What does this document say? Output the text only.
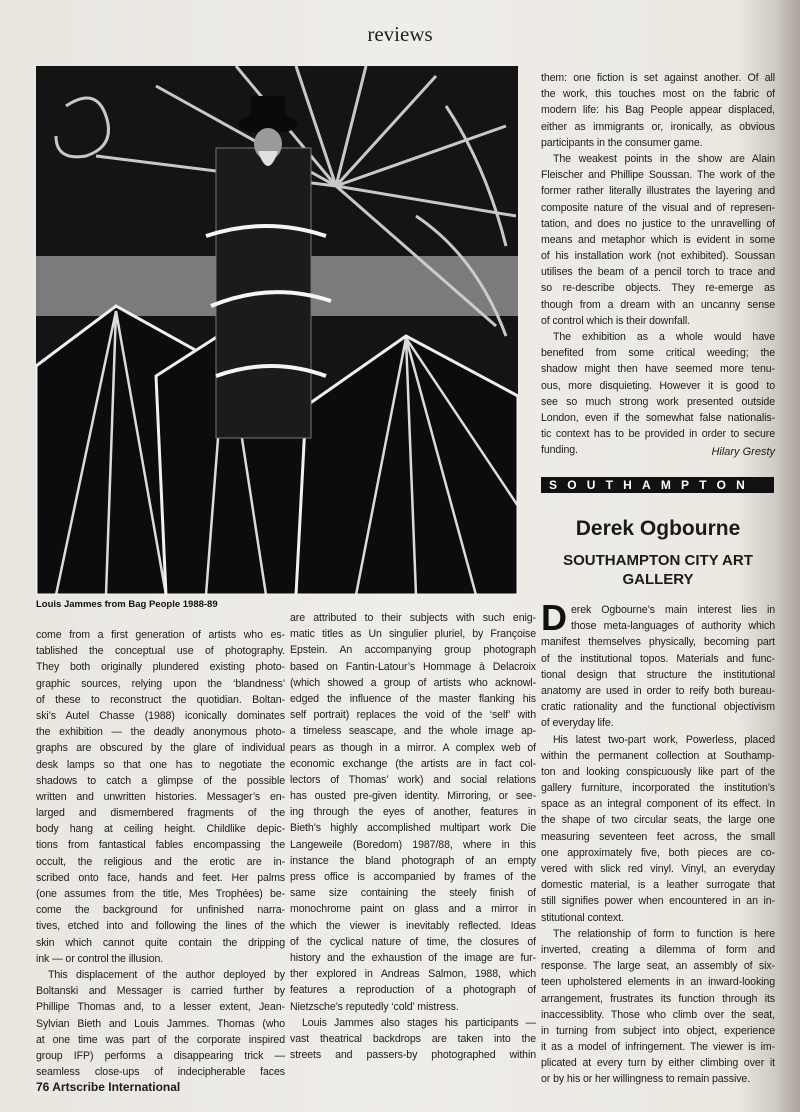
reviews
Louis Jammes from Bag People 1988-89
come from a first generation of artists who es-
tablished the conceptual use of photography.
They both originally plundered existing photo-
graphic sources, relying upon the ‘blandness’
of these to reconstruct the quotidian. Boltan-
ski’s Autel Chasse (1988) iconically dominates
the exhibition — the deadly anonymous photo-
graphs are obscured by the glare of individual
desk lamps so that one has to negotiate the
shadows to catch a glimpse of the possible
written and unwritten histories. Messager’s en-
larged and dismembered fragments of the
body hang at ceiling height. Childlike depic-
tions from fantastical fables encompassing the
occult, the religious and the erotic are in-
scribed onto face, hands and feet. Her palms
(one assumes from the title, Mes Trophées) be-
come the background for unfinished narra-
tives, etched into and following the lines of the
skin which cannot quite contain the dripping
ink — or control the illusion.
This displacement of the author deployed by
Boltanski and Messager is carried further by
Phillipe Thomas and, to a lesser extent, Jean-
Sylvian Bieth and Louis Jammes. Thomas (who
at one time was part of the corporate inspired
group IFP) performs a disappearing trick —
seamless close-ups of indecipherable faces
are attributed to their subjects with such enig-
matic titles as Un singulier pluriel, by Françoise
Epstein. An accompanying group photograph
based on Fantin-Latour’s Hommage à Delacroix
(which showed a group of artists who acknowl-
edged the influence of the master flanking his
self portrait) replaces the void of the ‘self’ with
a timeless seascape, and the whole image ap-
pears as though in a mirror. A complex web of
economic exchange (the artists are in fact col-
lectors of Thomas’ work) and social relations
has ousted pre-given identity. Mirroring, or see-
ing through the eyes of another, features in
Bieth’s highly accomplished multipart work Die
Langeweile (Boredom) 1987/88, where in this
instance the bland photograph of an empty
press office is accompanied by frames of the
same size containing the steely finish of
monochrome paint on glass and a mirror in
which the viewer is inevitably reflected. Ideas
of the cyclical nature of time, the closures of
history and the exhaustion of the image are fur-
ther explored in Andreas Salmon, 1988, which
features a reproduction of a photograph of
Nietzsche’s reputedly ‘cold’ mistress.
Louis Jammes also stages his participants —
vast theatrical backdrops are taken into the
streets and passers-by photographed within
them: one fiction is set against another. Of all
the work, this touches most on the fabric of
modern life: his Bag People appear displaced,
either as immigrants or, ironically, as obvious
participants in the consumer game.
The weakest points in the show are Alain
Fleischer and Phillipe Soussan. The work of the
former rather literally illustrates the layering and
composite nature of the visual and of represen-
tation, and does no justice to the unravelling of
means and metaphor which is evident in some
of his installation work (not exhibited). Soussan
utilises the beam of a pencil torch to trace and
so re-describe objects. They re-emerge as
though from a dream with an uncanny sense
of control which is their downfall.
The exhibition as a whole would have
benefited from some critical weeding; the
shadow might then have seemed more tenu-
ous, more disquieting. However it is good to
see so much strong work presented outside
London, even if the somewhat false nationalis-
tic context has to be provided in order to secure
funding.	Hilary Gresty
SOUTHAMPTON
Derek Ogbourne
SOUTHAMPTON CITY ART GALLERY
D erek Ogbourne’s main interest lies in
those meta-languages of authority which
manifest themselves physically, becoming part
of the institutional topos. Materials and func-
tional design that structure the institutional
anatomy are used in order to reify both bureau-
cratic rationality and the functional objectivism
of everyday life.
His latest two-part work, Powerless, placed
within the permanent collection at Southamp-
ton and looking conspicuously like part of the
gallery furniture, incorporated the institution’s
space as an integral component of its effect. In
the shape of two circular seats, the large one
measuring seventeen feet across, the small
one approximately five, both pieces are co-
vered with slick red vinyl. Vinyl, an everyday
domestic material, is a leather surrogate that
still signifies power when encountered in an in-
stitutional context.
The relationship of form to function is here
inverted, creating a dilemma of form and
response. The large seat, an assembly of six-
teen upholstered elements in an inward-looking
arrangement, frustrates its function through its
inaccessiblity. Those who climb over the seat,
in turning from subject into object, experience
it as a model of infringement. The viewer is im-
plicated at every turn by either climbing over it
or by his or her willingness to remain passive.
76 Artscribe International
